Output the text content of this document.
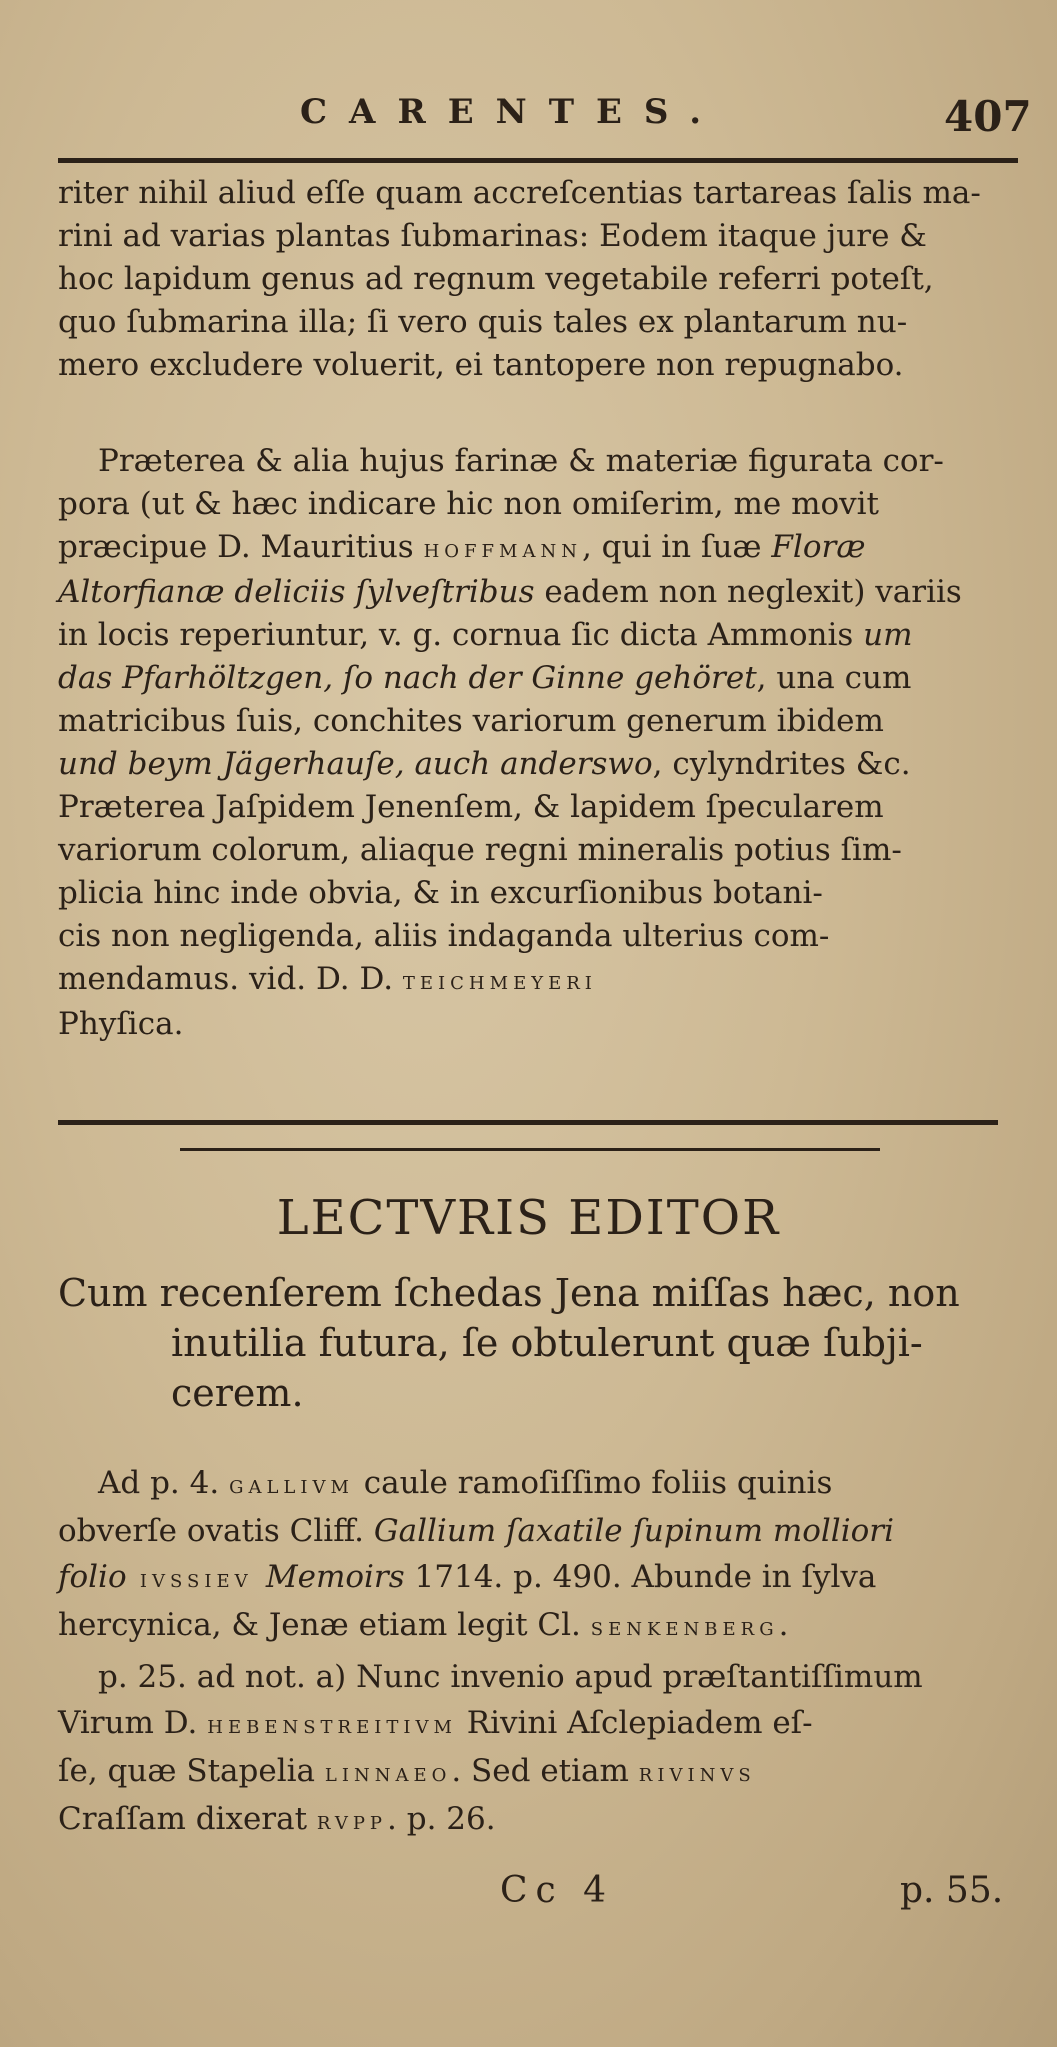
CARENTES.	407

riter nihil aliud eſſe quam accreſcentias tartareas ſalis ma-

rini ad varias plantas ſubmarinas: Eodem itaque jure &

hoc lapidum genus ad regnum vegetabile referri poteſt,

quo ſubmarina illa; ſi vero quis tales ex plantarum nu-

mero excludere voluerit, ei tantopere non repugnabo.

Præterea & alia hujus farinæ & materiæ figurata cor-

pora (ut & hæc indicare hic non omiſerim, me movit

præcipue D. Mauritius hoffmann, qui in ſuæ Floræ

Altorfianæ deliciis ſylveſtribus eadem non neglexit) variis

in locis reperiuntur, v. g. cornua ſic dicta Ammonis um

das Pfarhöltzgen, ſo nach der Ginne gehöret, una cum

matricibus ſuis, conchites variorum generum ibidem

und beym Jägerhauſe, auch anderswo, cylyndrites &c.

Præterea Jaſpidem Jenenſem, & lapidem ſpecularem

variorum colorum, aliaque regni mineralis potius ſim-

plicia hinc inde obvia, & in excurſionibus botani-

cis non negligenda, aliis indaganda ulterius com-

mendamus. vid. D. D. teichmeyeri

Phyſica.

LECTVRIS EDITOR
Cum recenſerem ſchedas Jena miſſas hæc, non
inutilia futura, ſe obtulerunt quæ ſubji-
cerem.

Ad p. 4. gallivm caule ramoſiſſimo foliis quinis

obverſe ovatis Cliff. Gallium ſaxatile ſupinum molliori

folio ivssiev Memoirs 1714. p. 490. Abunde in ſylva

hercynica, & Jenæ etiam legit Cl. senkenberg.

p. 25. ad not. a) Nunc invenio apud præſtantiſſimum

Virum D. hebenstreitivm Rivini Aſclepiadem eſ-

ſe, quæ Stapelia linnaeo. Sed etiam rivinvs

Craſſam dixerat rvpp. p. 26.

Cc 4	p. 55.
